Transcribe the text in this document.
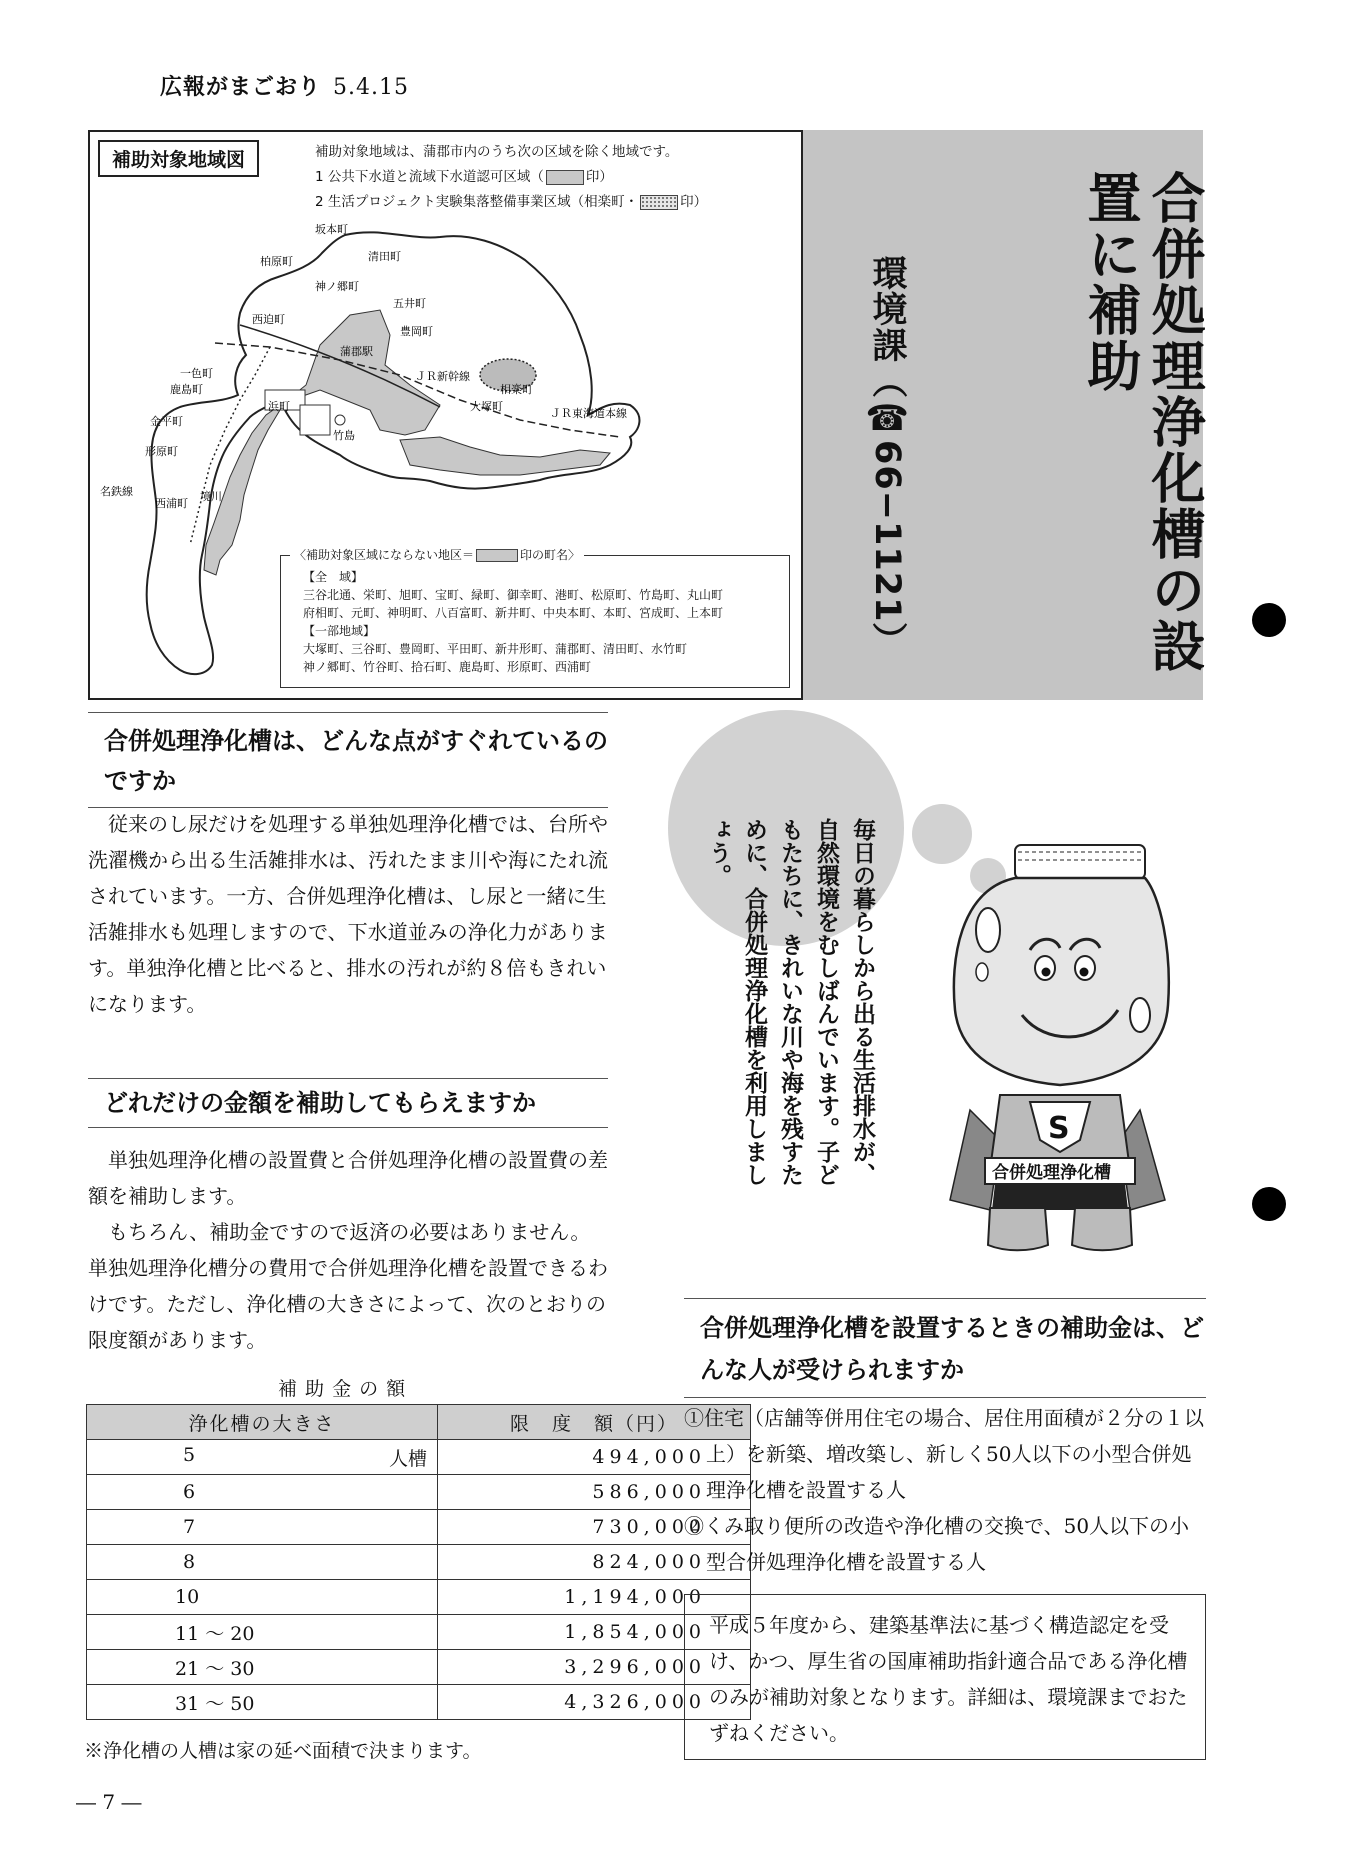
広報がまごおり 5.4.15
補助対象地域図	補助対象地域は、蒲郡市内のうち次の区域を除く地域です。
1 公共下水道と流域下水道認可区域（	印）
2 生活プロジェクト実験集落整備事業区域（相楽町・	印）
坂本町
柏原町	清田町
神ノ郷町
五井町
西迫町
豊岡町
蒲郡駅
ＪＲ新幹線
一色町
鹿島町	相楽町
大塚町
浜町
金平町
ＪＲ東海道本線
竹島
形原町
名鉄線
西浦町
境川
【全　域】
三谷北通、栄町、旭町、宝町、緑町、御幸町、港町、松原町、竹島町、丸山町
府相町、元町、神明町、八百富町、新井町、中央本町、本町、宮成町、上本町
【一部地域】
大塚町、三谷町、豊岡町、平田町、新井形町、蒲郡町、清田町、水竹町
神ノ郷町、竹谷町、拾石町、鹿島町、形原町、西浦町
〈補助対象区域にならない地区＝	印の町名〉	合併処理浄化槽の設置に補助
環境課（☎66−1121）
合併処理浄化槽は、どんな点がすぐれているのですか

従来のし尿だけを処理する単独処理浄化槽では、台所や洗濯機から出る生活雑排水は、汚れたまま川や海にたれ流されています。一方、合併処理浄化槽は、し尿と一緒に生活雑排水も処理しますので、下水道並みの浄化力があります。単独浄化槽と比べると、排水の汚れが約８倍もきれいになります。

どれだけの金額を補助してもらえますか

単独処理浄化槽の設置費と合併処理浄化槽の設置費の差額を補助します。

もちろん、補助金ですので返済の必要はありません。単独処理浄化槽分の費用で合併処理浄化槽を設置できるわけです。ただし、浄化槽の大きさによって、次のとおりの限度額があります。

補 助 金 の 額
浄化槽の大きさ	限　度　額（円）
5 人槽	494,000
6	586,000
7	730,000
8	824,000
10	1,194,000
11 ～ 20	1,854,000
21 ～ 30	3,296,000
31 ～ 50	4,326,000
※浄化槽の人槽は家の延べ面積で決まります。
毎日の暮らしから出る生活排水が、自然環境をむしばんでいます。子どもたちに、きれいな川や海を残すために、合併処理浄化槽を利用しましょう。
S
合併処理浄化槽
合併処理浄化槽を設置するときの補助金は、どんな人が受けられますか

①住宅（店舗等併用住宅の場合、居住用面積が２分の１以上）を新築、増改築し、新しく50人以下の小型合併処理浄化槽を設置する人

②くみ取り便所の改造や浄化槽の交換で、50人以下の小型合併処理浄化槽を設置する人

平成５年度から、建築基準法に基づく構造認定を受け、かつ、厚生省の国庫補助指針適合品である浄化槽のみが補助対象となります。詳細は、環境課までおたずねください。

― 7 ―
